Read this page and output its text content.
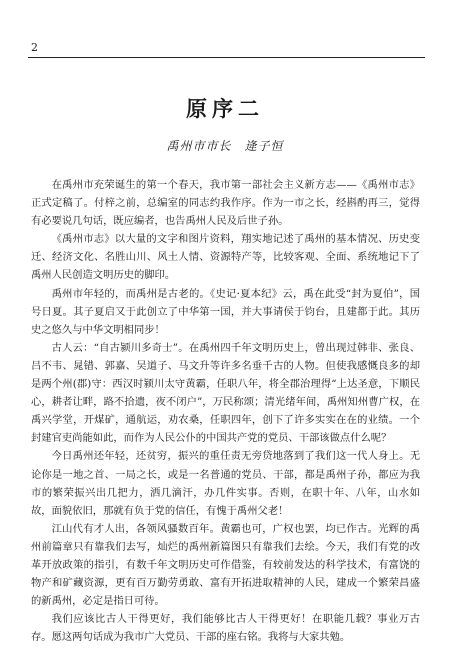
2
原序二
禹州市市长　逄子恒

在禹州市充荣诞生的第一个春天，我市第一部社会主义新方志——《禹州市志》正式定稿了。付梓之前，总编室的同志约我作序。作为一市之长，经斟酌再三，觉得有必要说几句话，既应编者，也告禹州人民及后世子孙。

《禹州市志》以大量的文字和图片资料，翔实地记述了禹州的基本情况、历史变迁、经济文化、名胜山川、风土人情、资源特产等，比较客观、全面、系统地记下了禹州人民创造文明历史的脚印。

禹州市年轻的，而禹州是古老的。《史记·夏本纪》云，禹在此受“封为夏伯”，国号日夏。其子夏启又于此创立了中华第一国，并大事请侯于钧台，且建都于此。其历史之悠久与中华文明相同步！

古人云：“自古颍川多奇士”。在禹州四千年文明历史上，曾出现过韩非、张良、吕不韦、晁错、郭嘉、吴道子、马文升等许多名垂千古的人物。但使我感慨良多的却是两个州(郡)守：西汉时颍川太守黄霸，任职八年，将全郡治理得“上达圣意，下顺民心，耕者让畔，路不拾遗，夜不闭户”，万民称颂；清光绪年间，禹州知州曹广权，在禹兴学堂，开煤矿，通航运，劝农桑，任职四年，创下了许多实实在在的业绩。一个封建官吏尚能如此，而作为人民公仆的中国共产党的党员、干部该做点什么呢？

今日禹州还年轻，还贫穷，振兴的重任责无旁贷地落到了我们这一代人身上。无论你是一地之首、一局之长，或是一名普通的党员、干部，都是禹州子孙，都应为我市的繁荣振兴出几把力，洒几滴汗，办几件实事。否则，在职十年、八年，山水如故，面貌依旧，那就有负于党的信任，有愧于禹州父老！

江山代有才人出，各领风骚数百年。黄霸也可，广权也罢，均已作古。光辉的禹州前篇章只有靠我们去写，灿烂的禹州新篇图只有靠我们去绘。今天，我们有党的改革开放政策的指引，有数千年文明历史可作借鉴，有较前发达的科学技术，有富饶的物产和矿藏资源，更有百万勤劳勇敢、富有开拓进取精神的人民，建成一个繁荣昌盛的新禹州，必定是指日可待。

我们应该比古人干得更好，我们能够比古人干得更好！在职能几载？事业万古存。愿这两句话成为我市广大党员、干部的座右铭。我将与大家共勉。
